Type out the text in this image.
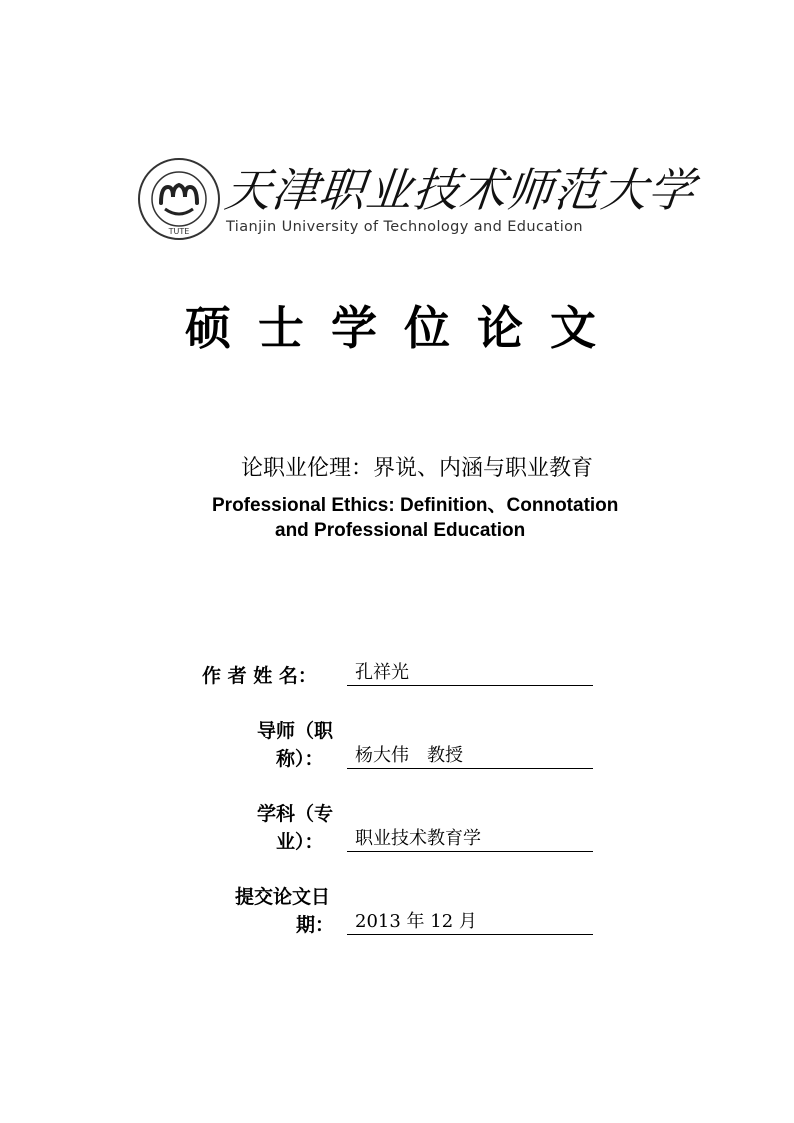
TUTE
天津职业技术师范大学
Tianjin University of Technology and Education
硕士学位论文
论职业伦理：界说、内涵与职业教育
Professional Ethics: Definition、Connotation
and Professional Education
作 者 姓 名：	孔祥光
导师（职
称）：	杨大伟　教授
学科（专
业）：	职业技术教育学
提交论文日
期：	2013 年 12 月
